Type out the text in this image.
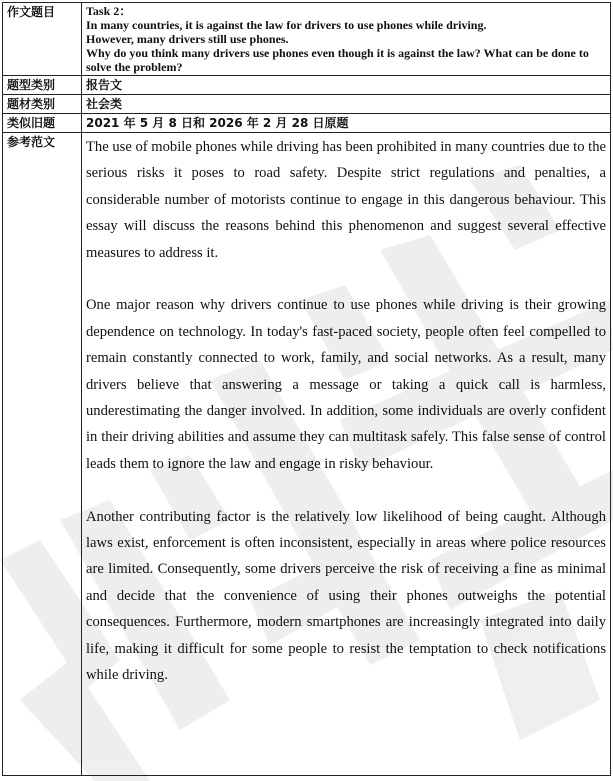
作文题目	Task 2：
In many countries, it is against the law for drivers to use phones while driving.
However, many drivers still use phones.
Why do you think many drivers use phones even though it is against the law? What can be done to solve the problem?

题型类别	报告文
题材类别	社会类
类似旧题	2021 年 5 月 8 日和 2026 年 2 月 28 日原题
参考范文	The use of mobile phones while driving has been prohibited in many countries due to the serious risks it poses to road safety. Despite strict regulations and penalties, a considerable number of motorists continue to engage in this dangerous behaviour. This essay will discuss the reasons behind this phenomenon and suggest several effective measures to address it.

One major reason why drivers continue to use phones while driving is their growing dependence on technology. In today's fast-paced society, people often feel compelled to remain constantly connected to work, family, and social networks. As a result, many drivers believe that answering a message or taking a quick call is harmless, underestimating the danger involved. In addition, some individuals are overly confident in their driving abilities and assume they can multitask safely. This false sense of control leads them to ignore the law and engage in risky behaviour.

Another contributing factor is the relatively low likelihood of being caught. Although laws exist, enforcement is often inconsistent, especially in areas where police resources are limited. Consequently, some drivers perceive the risk of receiving a fine as minimal and decide that the convenience of using their phones outweighs the potential consequences. Furthermore, modern smartphones are increasingly integrated into daily life, making it difficult for some people to resist the temptation to check notifications while driving.
